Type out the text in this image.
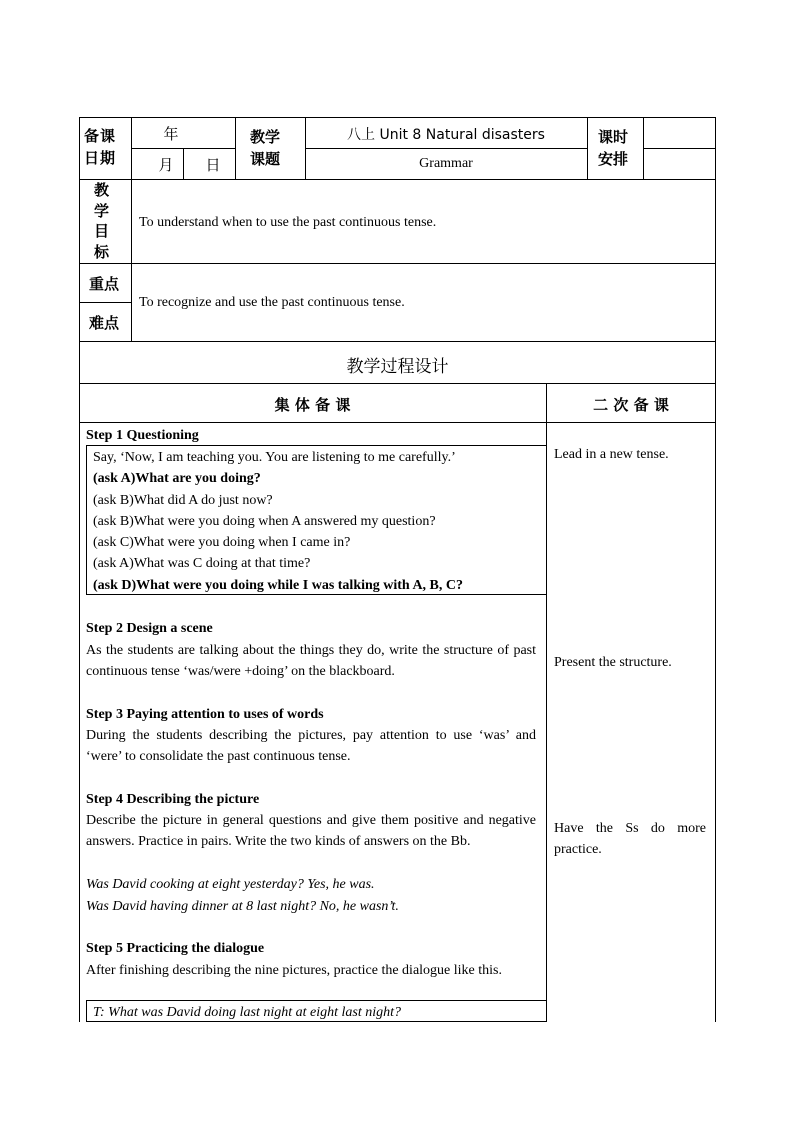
备课日期
年
月	日
教学课题
八上 Unit 8 Natural disasters
Grammar
课时安排
教学目标
To understand when to use the past continuous tense.
重点
难点
To recognize and use the past continuous tense.
教学过程设计
集 体 备 课	二 次 备 课
Step 1 Questioning
Say, ‘Now, I am teaching you. You are listening to me carefully.’
(ask A)What are you doing?
(ask B)What did A do just now?
(ask B)What were you doing when A answered my question?
(ask C)What were you doing when I came in?
(ask A)What was C doing at that time?
(ask D)What were you doing while I was talking with A, B, C?
Step 2 Design a scene
As the students are talking about the things they do, write the structure of past continuous tense ‘was/were +doing’ on the blackboard.
Step 3 Paying attention to uses of words
During the students describing the pictures, pay attention to use ‘was’ and ‘were’ to consolidate the past continuous tense.
Step 4 Describing the picture
Describe the picture in general questions and give them positive and negative answers. Practice in pairs. Write the two kinds of answers on the Bb.
Was David cooking at eight yesterday? Yes, he was.
Was David having dinner at 8 last night? No, he wasn’t.
Step 5 Practicing the dialogue
After finishing describing the nine pictures, practice the dialogue like this.
T: What was David doing last night at eight last night?
Lead in a new tense.
Present the structure.
Have the Ss do more practice.
